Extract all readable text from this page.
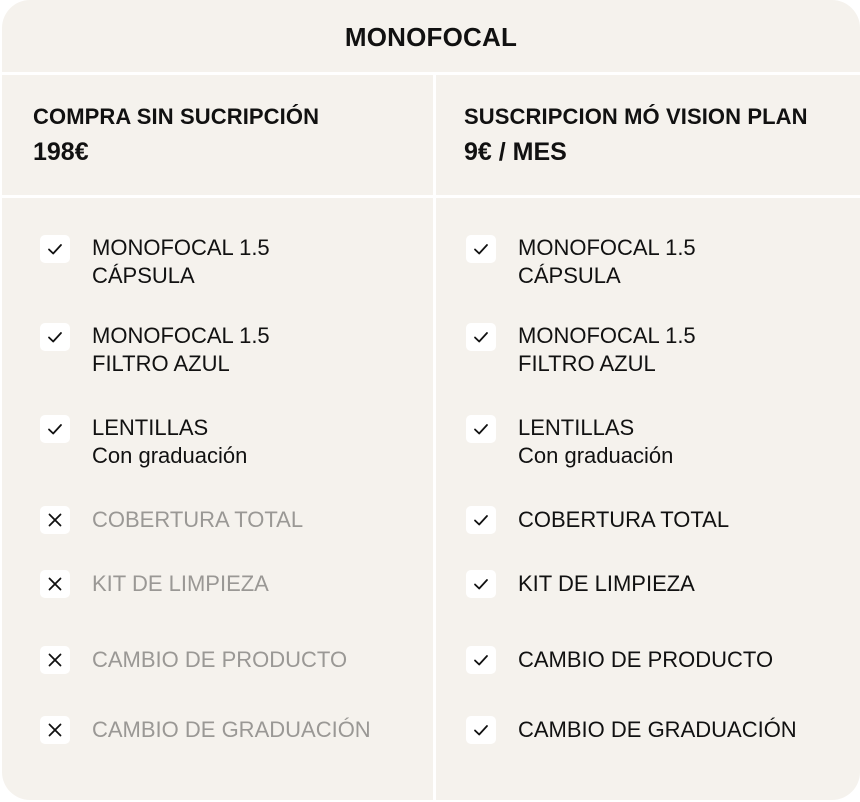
MONOFOCAL
COMPRA SIN SUCRIPCIÓN
198€
SUSCRIPCION MÓ VISION PLAN
9€ / MES
MONOFOCAL 1.5
CÁPSULA
MONOFOCAL 1.5
FILTRO AZUL
LENTILLAS
Con graduación
COBERTURA TOTAL
KIT DE LIMPIEZA
CAMBIO DE PRODUCTO
CAMBIO DE GRADUACIÓN
MONOFOCAL 1.5
CÁPSULA
MONOFOCAL 1.5
FILTRO AZUL
LENTILLAS
Con graduación
COBERTURA TOTAL
KIT DE LIMPIEZA
CAMBIO DE PRODUCTO
CAMBIO DE GRADUACIÓN
